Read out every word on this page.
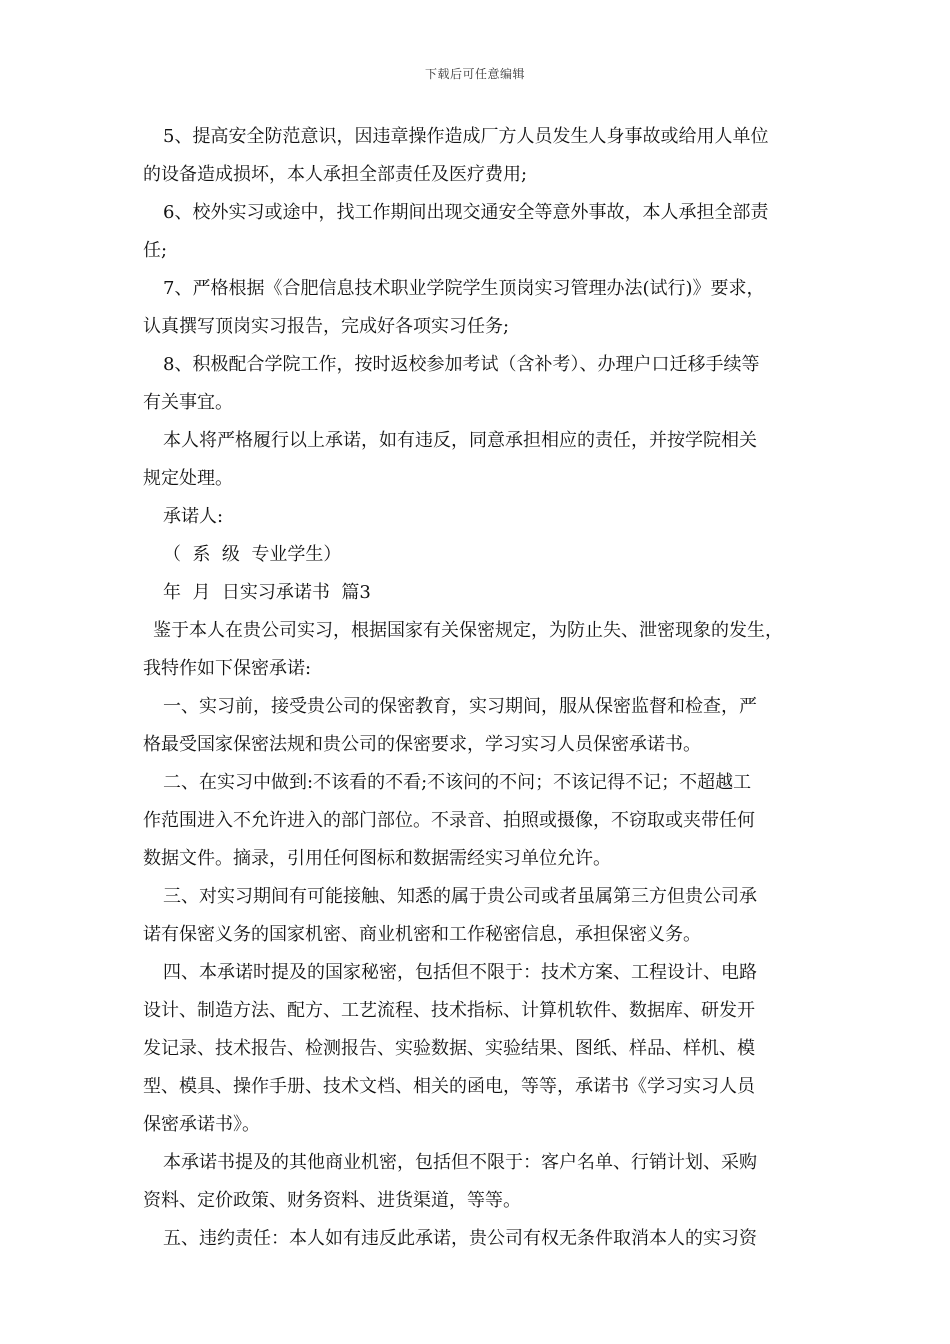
下载后可任意编辑

5、提高安全防范意识，因违章操作造成厂方人员发生人身事故或给用人单位

的设备造成损坏，本人承担全部责任及医疗费用;

6、校外实习或途中，找工作期间出现交通安全等意外事故，本人承担全部责

任;

7、严格根据《合肥信息技术职业学院学生顶岗实习管理办法(试行)》要求，

认真撰写顶岗实习报告，完成好各项实习任务;

8、积极配合学院工作，按时返校参加考试（含补考）、办理户口迁移手续等

有关事宜。

本人将严格履行以上承诺，如有违反，同意承担相应的责任，并按学院相关

规定处理。

承诺人:

（  系  级  专业学生）

年  月  日实习承诺书  篇3

鉴于本人在贵公司实习，根据国家有关保密规定，为防止失、泄密现象的发生，

我特作如下保密承诺:

一、实习前，接受贵公司的保密教育，实习期间，服从保密监督和检查，严

格最受国家保密法规和贵公司的保密要求，学习实习人员保密承诺书。

二、在实习中做到:不该看的不看;不该问的不问；不该记得不记；不超越工

作范围进入不允许进入的部门部位。不录音、拍照或摄像，不窃取或夹带任何

数据文件。摘录，引用任何图标和数据需经实习单位允许。

三、对实习期间有可能接触、知悉的属于贵公司或者虽属第三方但贵公司承

诺有保密义务的国家机密、商业机密和工作秘密信息，承担保密义务。

四、本承诺时提及的国家秘密，包括但不限于：技术方案、工程设计、电路

设计、制造方法、配方、工艺流程、技术指标、计算机软件、数据库、研发开

发记录、技术报告、检测报告、实验数据、实验结果、图纸、样品、样机、模

型、模具、操作手册、技术文档、相关的函电，等等，承诺书《学习实习人员

保密承诺书》。

本承诺书提及的其他商业机密，包括但不限于：客户名单、行销计划、采购

资料、定价政策、财务资料、进货渠道，等等。

五、违约责任：本人如有违反此承诺，贵公司有权无条件取消本人的实习资
